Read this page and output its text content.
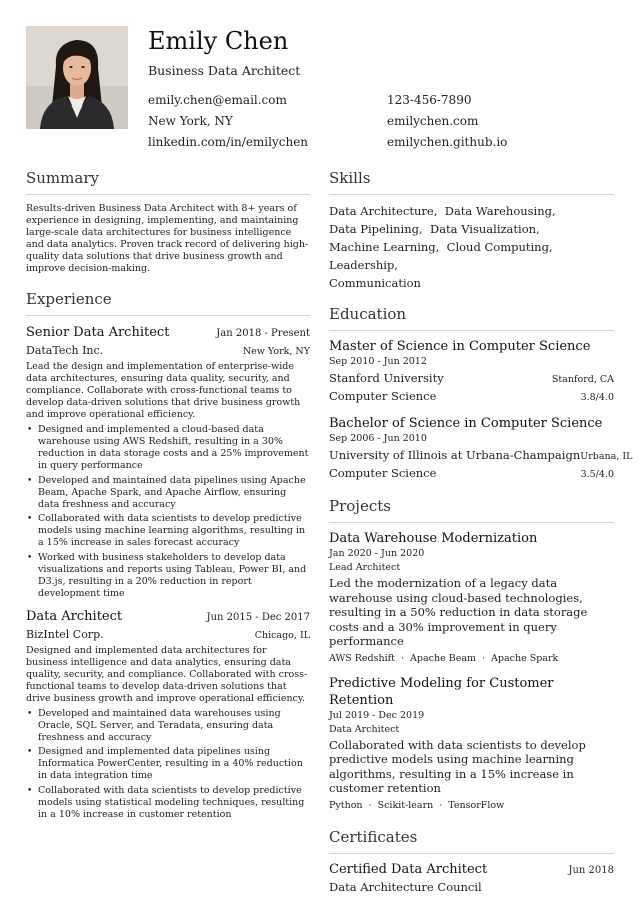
Emily Chen
Business Data Architect
emily.chen@email.com	123-456-7890
New York, NY	emilychen.com
linkedin.com/in/emilychen	emilychen.github.io
Summary
Results-driven Business Data Architect with 8+ years of experience in designing, implementing, and maintaining large-scale data architectures for business intelligence and data analytics. Proven track record of delivering high-quality data solutions that drive business growth and improve decision-making.
Experience
Senior Data Architect	Jan 2018 - Present
DataTech Inc.	New York, NY
Lead the design and implementation of enterprise-wide data architectures, ensuring data quality, security, and compliance. Collaborate with cross-functional teams to develop data-driven solutions that drive business growth and improve operational efficiency.
• Designed and implemented a cloud-based data warehouse using AWS Redshift, resulting in a 30% reduction in data storage costs and a 25% improvement in query performance
• Developed and maintained data pipelines using Apache Beam, Apache Spark, and Apache Airflow, ensuring data freshness and accuracy
• Collaborated with data scientists to develop predictive models using machine learning algorithms, resulting in a 15% increase in sales forecast accuracy
• Worked with business stakeholders to develop data visualizations and reports using Tableau, Power BI, and D3.js, resulting in a 20% reduction in report development time
Data Architect	Jun 2015 - Dec 2017
BizIntel Corp.	Chicago, IL
Designed and implemented data architectures for business intelligence and data analytics, ensuring data quality, security, and compliance. Collaborated with cross-functional teams to develop data-driven solutions that drive business growth and improve operational efficiency.
• Developed and maintained data warehouses using Oracle, SQL Server, and Teradata, ensuring data freshness and accuracy
• Designed and implemented data pipelines using Informatica PowerCenter, resulting in a 40% reduction in data integration time
• Collaborated with data scientists to develop predictive models using statistical modeling techniques, resulting in a 10% increase in customer retention
Skills
Data Architecture, Data Warehousing,
Data Pipelining, Data Visualization,
Machine Learning, Cloud Computing,  Leadership,
Communication
Education
Master of Science in Computer Science
Sep 2010 - Jun 2012
Stanford University	Stanford, CA
Computer Science	3.8/4.0
Bachelor of Science in Computer Science
Sep 2006 - Jun 2010
University of Illinois at Urbana-Champaign Urbana, IL
Computer Science	3.5/4.0
Projects
Data Warehouse Modernization
Jan 2020 - Jun 2020
Lead Architect
Led the modernization of a legacy data warehouse using cloud-based technologies, resulting in a 50% reduction in data storage costs and a 30% improvement in query performance
AWS Redshift · Apache Beam · Apache Spark
Predictive Modeling for Customer Retention
Jul 2019 - Dec 2019
Data Architect
Collaborated with data scientists to develop predictive models using machine learning algorithms, resulting in a 15% increase in customer retention
Python · Scikit-learn · TensorFlow
Certificates
Certified Data Architect	Jun 2018
Data Architecture Council
